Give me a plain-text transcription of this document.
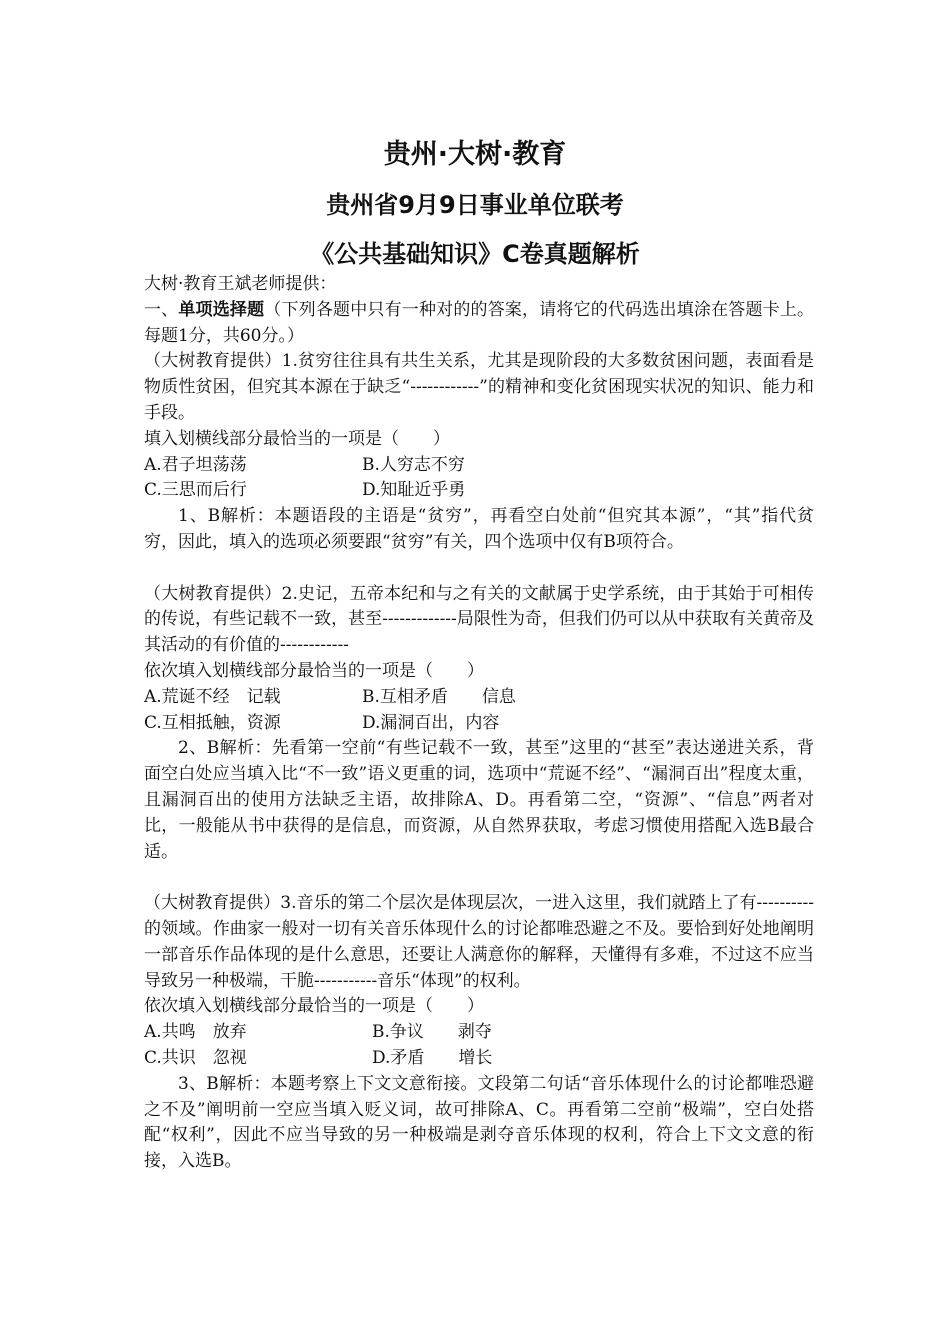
贵州·大树·教育
贵州省9月9日事业单位联考
《公共基础知识》C卷真题解析

大树·教育王斌老师提供：

一、单项选择题（下列各题中只有一种对的的答案，请将它的代码选出填涂在答题卡上。每题1分，共60分。）

（大树教育提供）1.贫穷往往具有共生关系，尤其是现阶段的大多数贫困问题，表面看是物质性贫困，但究其本源在于缺乏“------------”的精神和变化贫困现实状况的知识、能力和手段。

填入划横线部分最恰当的一项是（　　）

A.君子坦荡荡	B.人穷志不穷
C.三思而后行	D.知耻近乎勇

1、B解析：本题语段的主语是“贫穷”，再看空白处前“但究其本源”，“其”指代贫穷，因此，填入的选项必须要跟“贫穷”有关，四个选项中仅有B项符合。

（大树教育提供）2.史记，五帝本纪和与之有关的文献属于史学系统，由于其始于可相传的传说，有些记载不一致，甚至-------------局限性为奇，但我们仍可以从中获取有关黄帝及其活动的有价值的------------

依次填入划横线部分最恰当的一项是（　　）

A.荒诞不经　记载	B.互相矛盾　　信息
C.互相抵触，资源	D.漏洞百出，内容

2、B解析：先看第一空前“有些记载不一致，甚至”这里的“甚至”表达递进关系，背面空白处应当填入比“不一致”语义更重的词，选项中“荒诞不经”、“漏洞百出”程度太重，且漏洞百出的使用方法缺乏主语，故排除A、D。再看第二空，“资源”、“信息”两者对比，一般能从书中获得的是信息，而资源，从自然界获取，考虑习惯使用搭配入选B最合适。

（大树教育提供）3.音乐的第二个层次是体现层次，一进入这里，我们就踏上了有----------的领域。作曲家一般对一切有关音乐体现什么的讨论都唯恐避之不及。要恰到好处地阐明一部音乐作品体现的是什么意思，还要让人满意你的解释，天懂得有多难，不过这不应当导致另一种极端，干脆-----------音乐“体现”的权利。

依次填入划横线部分最恰当的一项是（　　）

A.共鸣　放弃	B.争议　　剥夺
C.共识　忽视	D.矛盾　　增长

3、B解析：本题考察上下文文意衔接。文段第二句话“音乐体现什么的讨论都唯恐避之不及”阐明前一空应当填入贬义词，故可排除A、C。再看第二空前“极端”，空白处搭配“权利”，因此不应当导致的另一种极端是剥夺音乐体现的权利，符合上下文文意的衔接，入选B。
